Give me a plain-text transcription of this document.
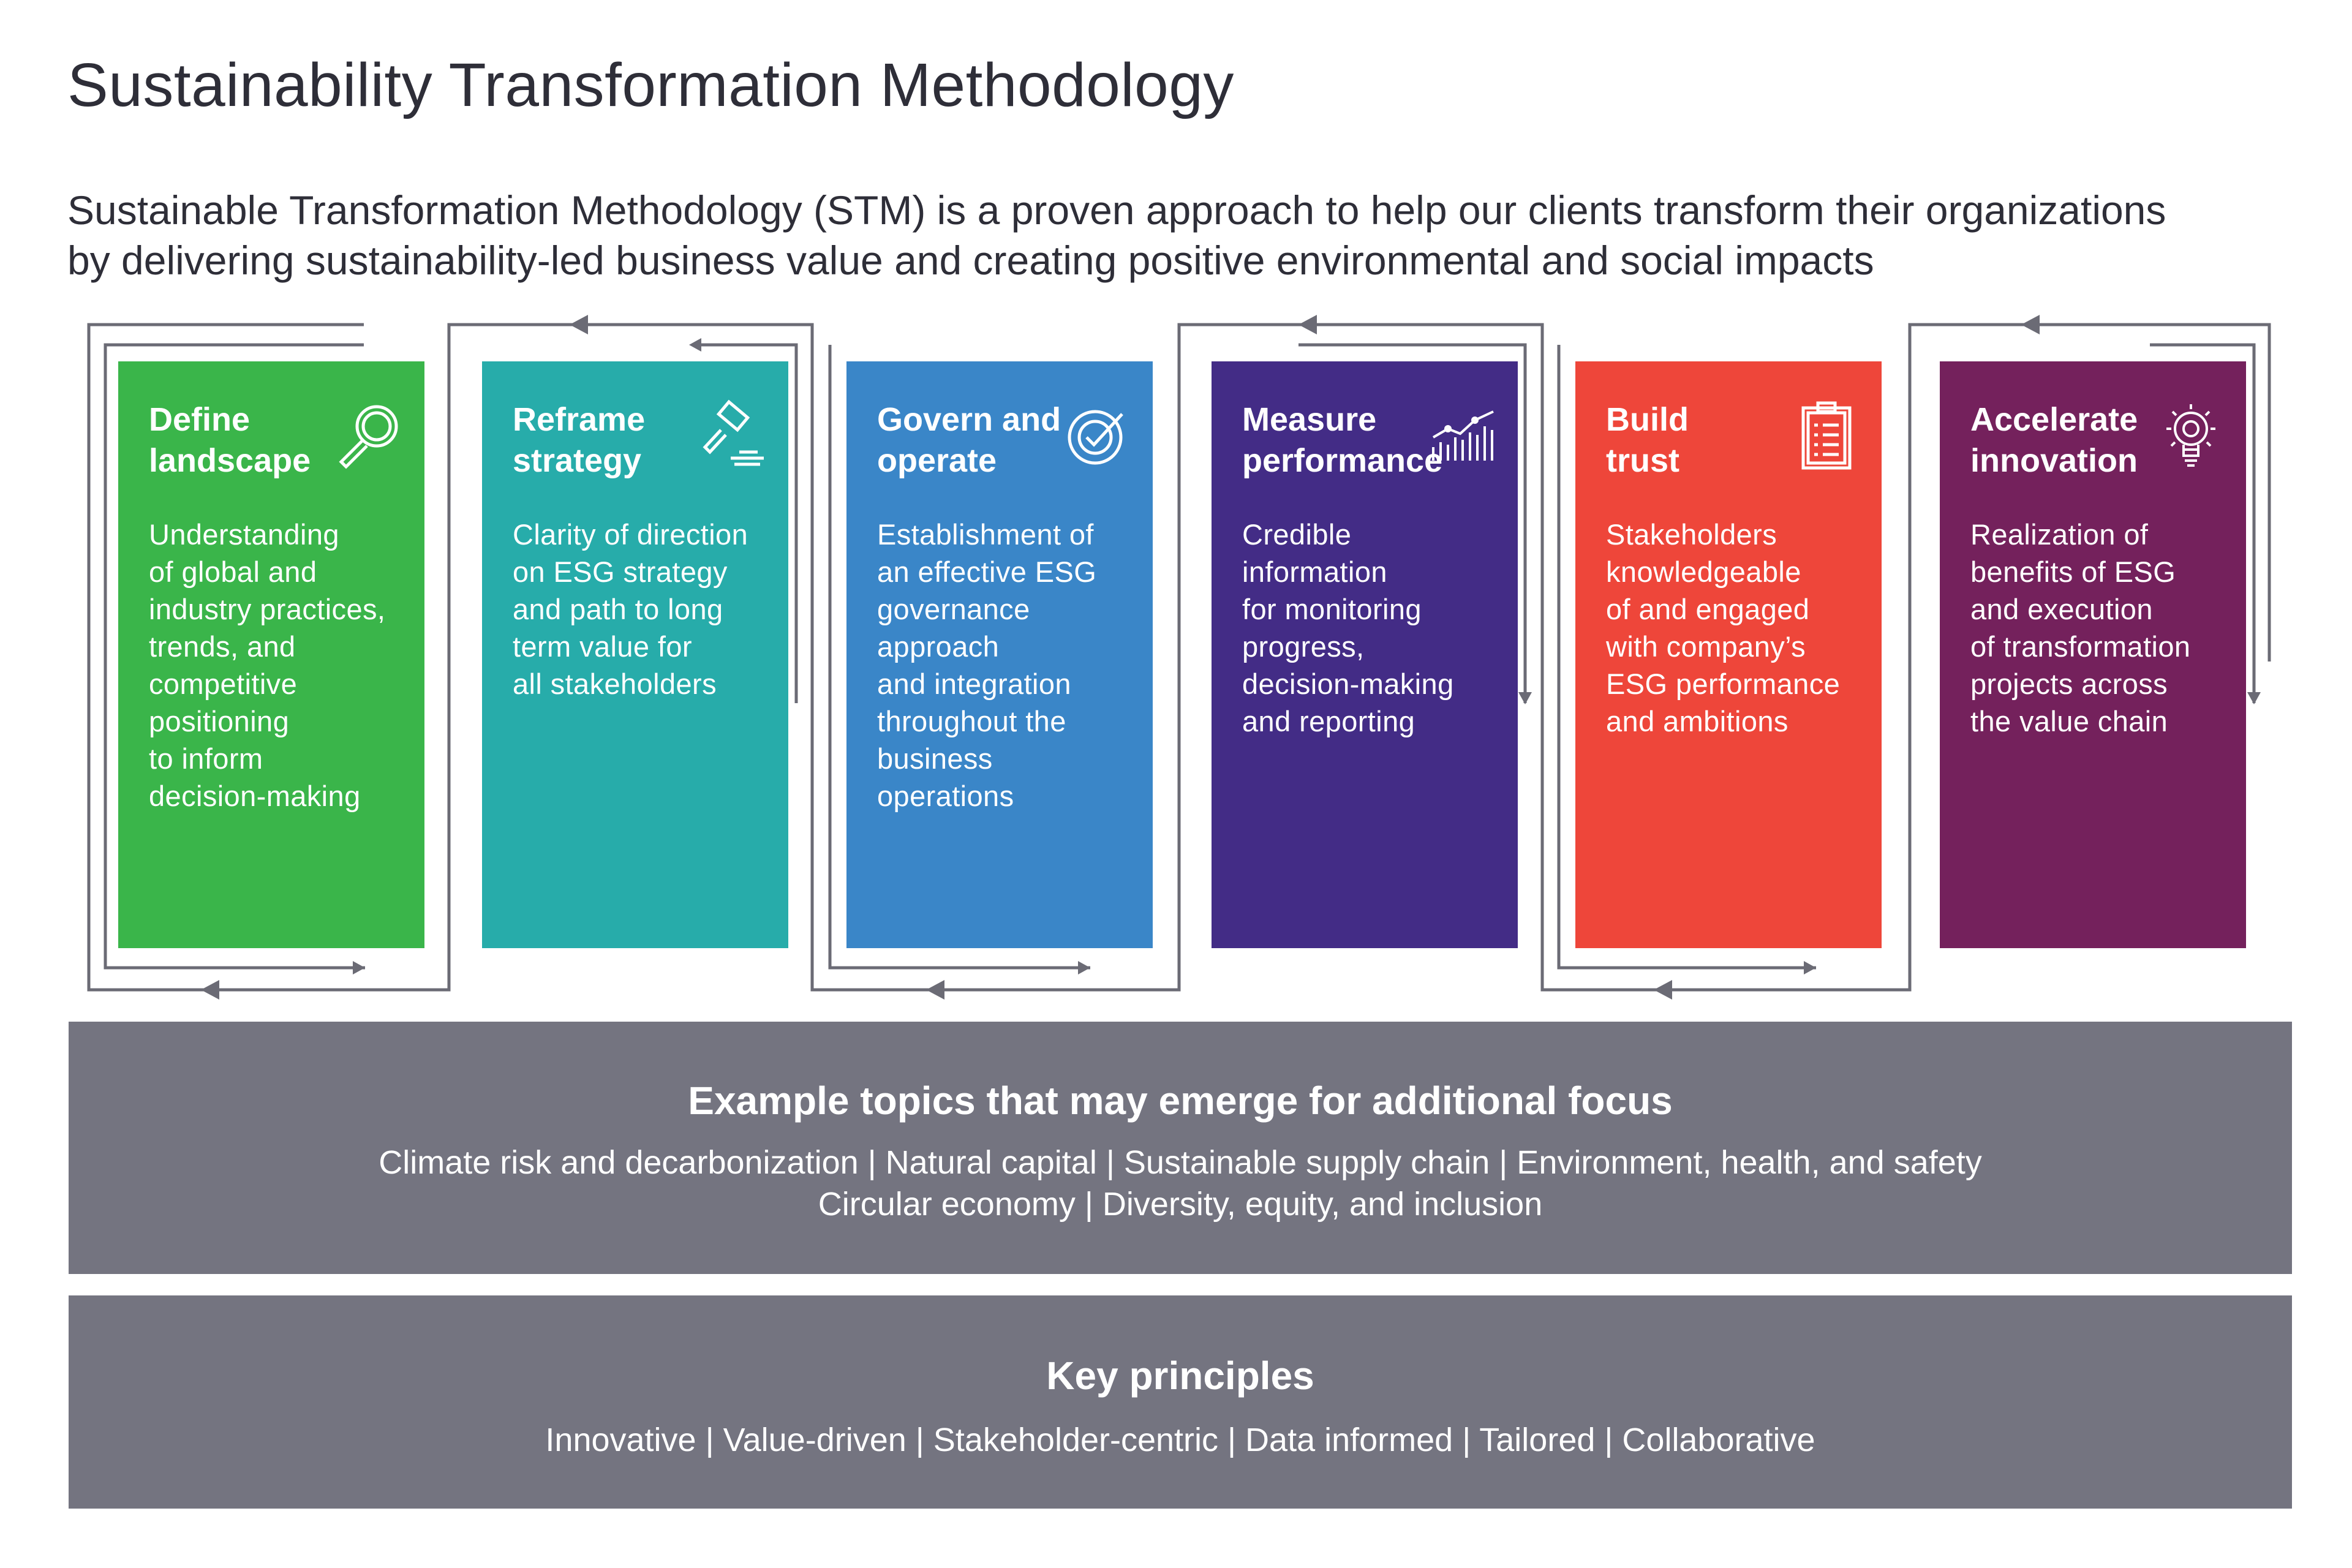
Sustainability Transformation Methodology
Sustainable Transformation Methodology (STM) is a proven approach to help our clients transform their organizations
by delivering sustainability-led business value and creating positive environmental and social impacts

Define
landscape

Understanding
of global and
industry practices,
trends, and
competitive
positioning
to inform
decision-making

Reframe
strategy

Clarity of direction
on ESG strategy
and path to long
term value for
all stakeholders

Govern and
operate

Establishment of
an effective ESG
governance
approach
and integration
throughout the
business
operations

Measure
performance

Credible
information
for monitoring
progress,
decision-making
and reporting

Build
trust

Stakeholders
knowledgeable
of and engaged
with company’s
ESG performance
and ambitions

Accelerate
innovation

Realization of
benefits of ESG
and execution
of transformation
projects across
the value chain

Example topics that may emerge for additional focus

Climate risk and decarbonization | Natural capital | Sustainable supply chain | Environment, health, and safety
Circular economy | Diversity, equity, and inclusion

Key principles

Innovative | Value-driven | Stakeholder-centric | Data informed | Tailored | Collaborative
